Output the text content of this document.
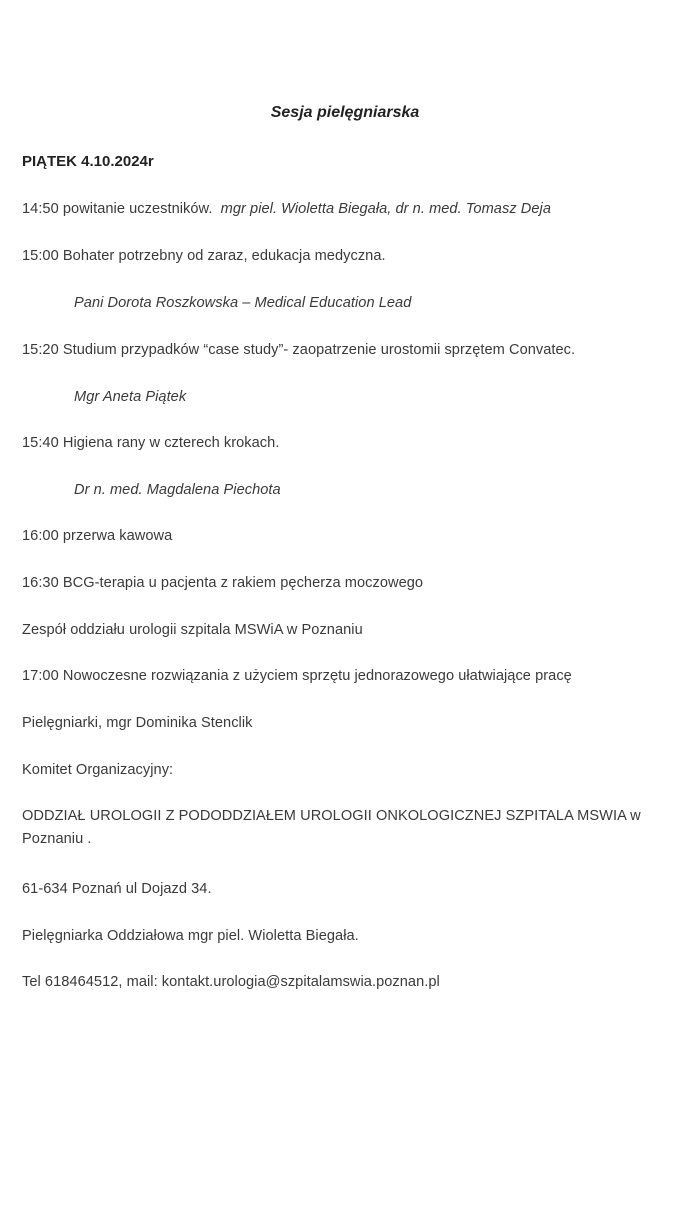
Sesja pielęgniarska
PIĄTEK 4.10.2024r
14:50 powitanie uczestników. mgr piel. Wioletta Biegała, dr n. med. Tomasz Deja
15:00 Bohater potrzebny od zaraz, edukacja medyczna.
Pani Dorota Roszkowska – Medical Education Lead
15:20 Studium przypadków “case study”- zaopatrzenie urostomii sprzętem Convatec.
Mgr Aneta Piątek
15:40 Higiena rany w czterech krokach.
Dr n. med. Magdalena Piechota
16:00 przerwa kawowa
16:30 BCG-terapia u pacjenta z rakiem pęcherza moczowego
Zespół oddziału urologii szpitala MSWiA w Poznaniu
17:00 Nowoczesne rozwiązania z użyciem sprzętu jednorazowego ułatwiające pracę
Pielęgniarki, mgr Dominika Stenclik
Komitet Organizacyjny:
ODDZIAŁ UROLOGII Z PODODDZIAŁEM UROLOGII ONKOLOGICZNEJ SZPITALA MSWIA w Poznaniu .
61-634 Poznań ul Dojazd 34.
Pielęgniarka Oddziałowa mgr piel. Wioletta Biegała.
Tel 618464512, mail: kontakt.urologia@szpitalamswia.poznan.pl
